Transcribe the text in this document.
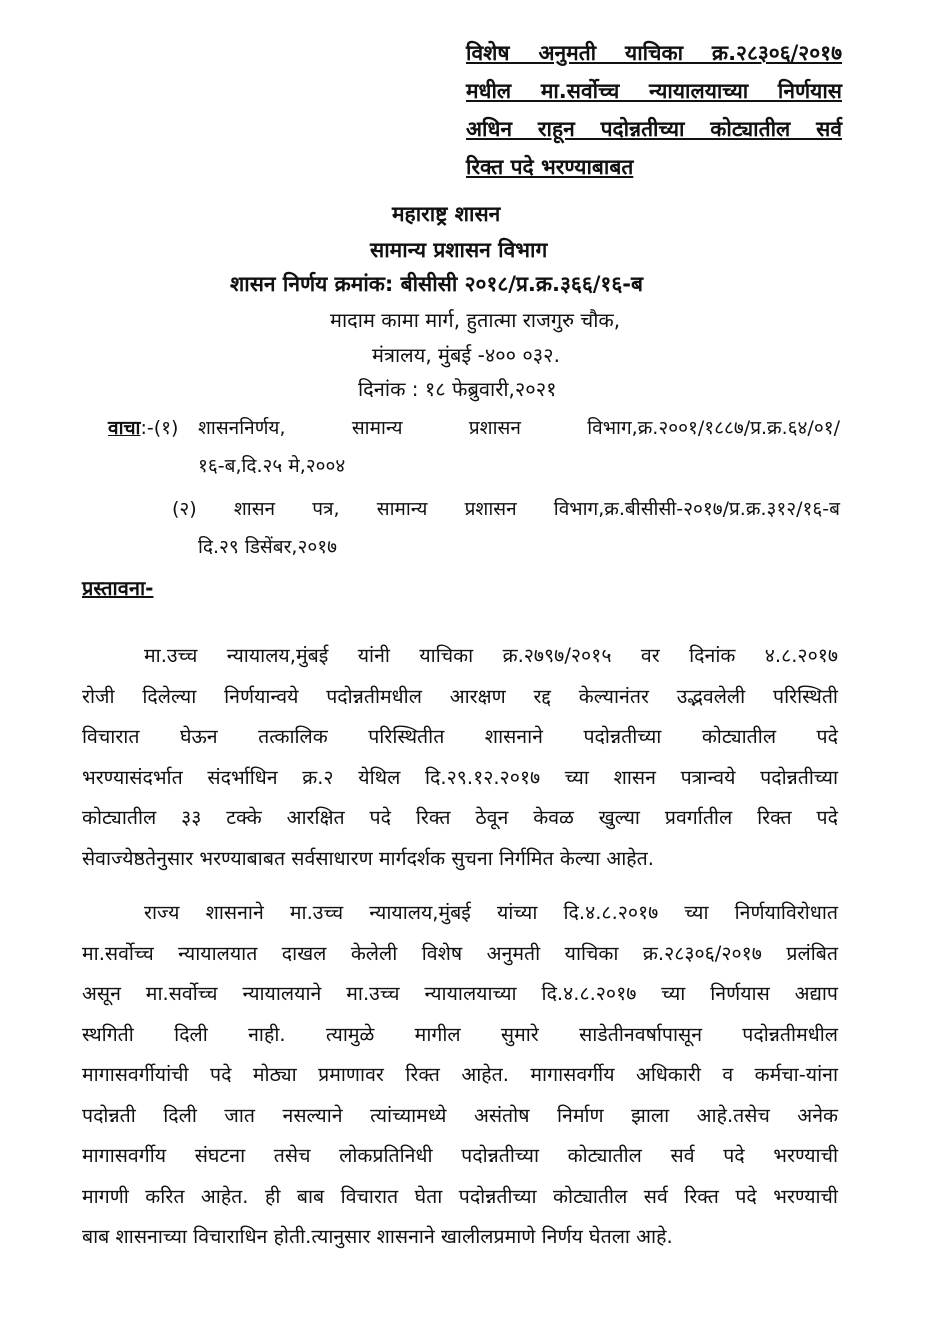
विशेष अनुमती याचिका क्र.२८३०६/२०१७
मधील मा.सर्वोच्च न्यायालयाच्या निर्णयास
अधिन राहून पदोन्नतीच्या कोट्यातील सर्व
रिक्त पदे भरण्याबाबत
महाराष्ट्र शासन
सामान्य प्रशासन विभाग
शासन निर्णय क्रमांक: बीसीसी २०१८/प्र.क्र.३६६/१६-ब
मादाम कामा मार्ग, हुतात्मा राजगुरु चौक,
मंत्रालय, मुंबई -४०० ०३२.
दिनांक : १८ फेब्रुवारी,२०२१
वाचा:-(१) शासननिर्णय, सामान्य प्रशासन विभाग,क्र.२००१/१८८७/प्र.क्र.६४/०१/
१६-ब,दि.२५ मे,२००४
(२) शासन पत्र, सामान्य प्रशासन विभाग,क्र.बीसीसी-२०१७/प्र.क्र.३१२/१६-ब
दि.२९ डिसेंबर,२०१७
प्रस्तावना-
मा.उच्च न्यायालय,मुंबई यांनी याचिका क्र.२७९७/२०१५ वर दिनांक ४.८.२०१७
रोजी दिलेल्या निर्णयान्वये पदोन्नतीमधील आरक्षण रद्द केल्यानंतर उद्भवलेली परिस्थिती
विचारात घेऊन तत्कालिक परिस्थितीत शासनाने पदोन्नतीच्या कोट्यातील पदे
भरण्यासंदर्भात संदर्भाधिन क्र.२ येथिल दि.२९.१२.२०१७ च्या शासन पत्रान्वये पदोन्नतीच्या
कोट्यातील ३३ टक्के आरक्षित पदे रिक्त ठेवून केवळ खुल्या प्रवर्गातील रिक्त पदे
सेवाज्येष्ठतेनुसार भरण्याबाबत सर्वसाधारण मार्गदर्शक सुचना निर्गमित केल्या आहेत.
राज्य शासनाने मा.उच्च न्यायालय,मुंबई यांच्या दि.४.८.२०१७ च्या निर्णयाविरोधात
मा.सर्वोच्च न्यायालयात दाखल केलेली विशेष अनुमती याचिका क्र.२८३०६/२०१७ प्रलंबित
असून मा.सर्वोच्च न्यायालयाने मा.उच्च न्यायालयाच्या दि.४.८.२०१७ च्या निर्णयास अद्याप
स्थगिती दिली नाही. त्यामुळे मागील सुमारे साडेतीनवर्षापासून पदोन्नतीमधील
मागासवर्गीयांची पदे मोठ्या प्रमाणावर रिक्त आहेत. मागासवर्गीय अधिकारी व कर्मचा-यांना
पदोन्नती दिली जात नसल्याने त्यांच्यामध्ये असंतोष निर्माण झाला आहे.तसेच अनेक
मागासवर्गीय संघटना तसेच लोकप्रतिनिधी पदोन्नतीच्या कोट्यातील सर्व पदे भरण्याची
मागणी करित आहेत. ही बाब विचारात घेता पदोन्नतीच्या कोट्यातील सर्व रिक्त पदे भरण्याची
बाब शासनाच्या विचाराधिन होती.त्यानुसार शासनाने खालीलप्रमाणे निर्णय घेतला आहे.
